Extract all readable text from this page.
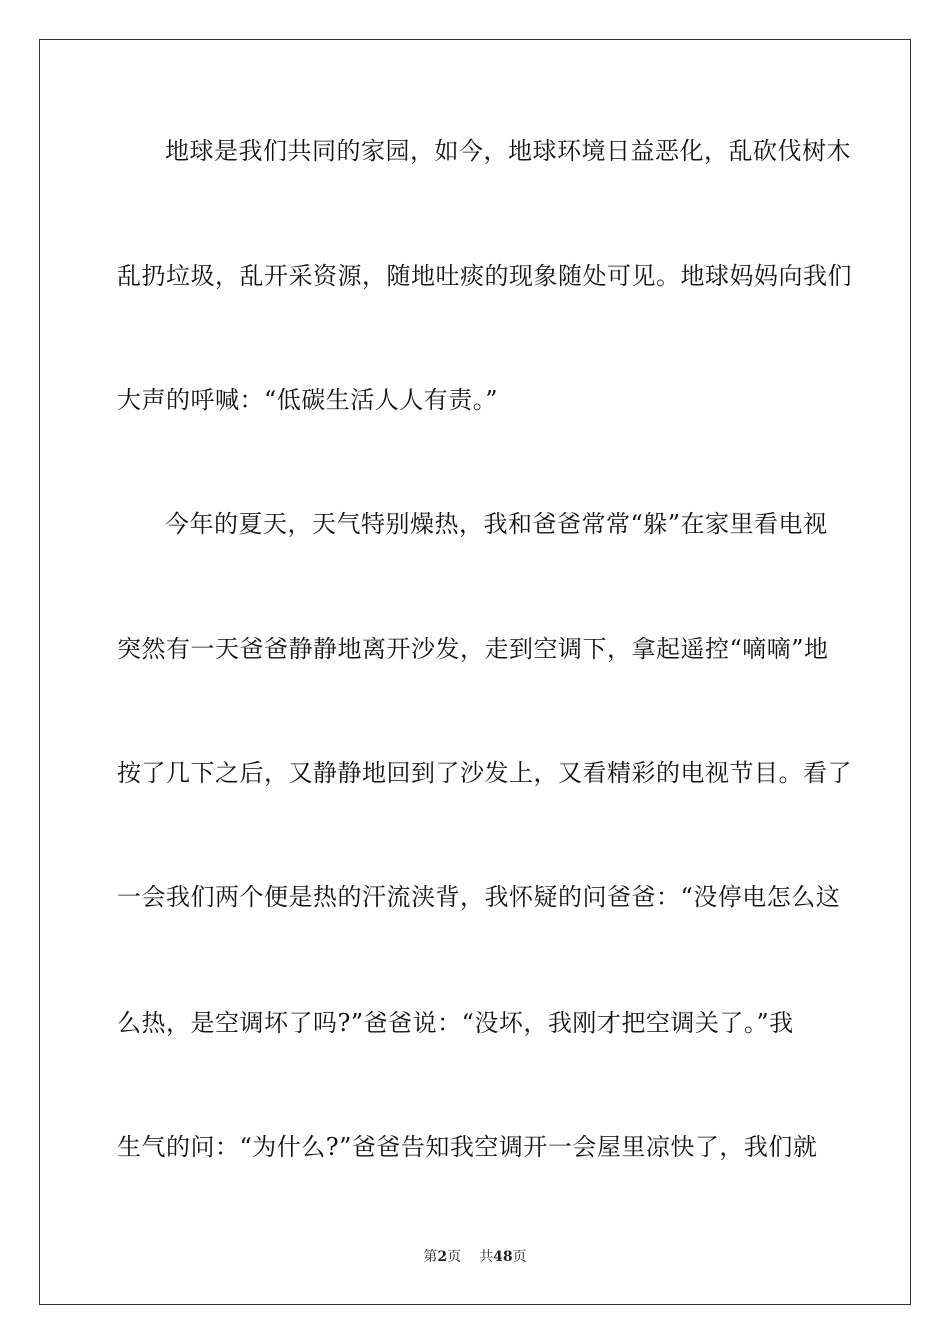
地球是我们共同的家园，如今，地球环境日益恶化，乱砍伐树木
乱扔垃圾，乱开采资源，随地吐痰的现象随处可见。地球妈妈向我们
大声的呼喊：“低碳生活人人有责。”
今年的夏天，天气特别燥热，我和爸爸常常“躲”在家里看电视
突然有一天爸爸静静地离开沙发，走到空调下，拿起遥控“嘀嘀”地
按了几下之后，又静静地回到了沙发上，又看精彩的电视节目。看了
一会我们两个便是热的汗流浃背，我怀疑的问爸爸：“没停电怎么这
么热，是空调坏了吗?”爸爸说：“没坏，我刚才把空调关了。”我
生气的问：“为什么?”爸爸告知我空调开一会屋里凉快了，我们就
第2页 共48页
